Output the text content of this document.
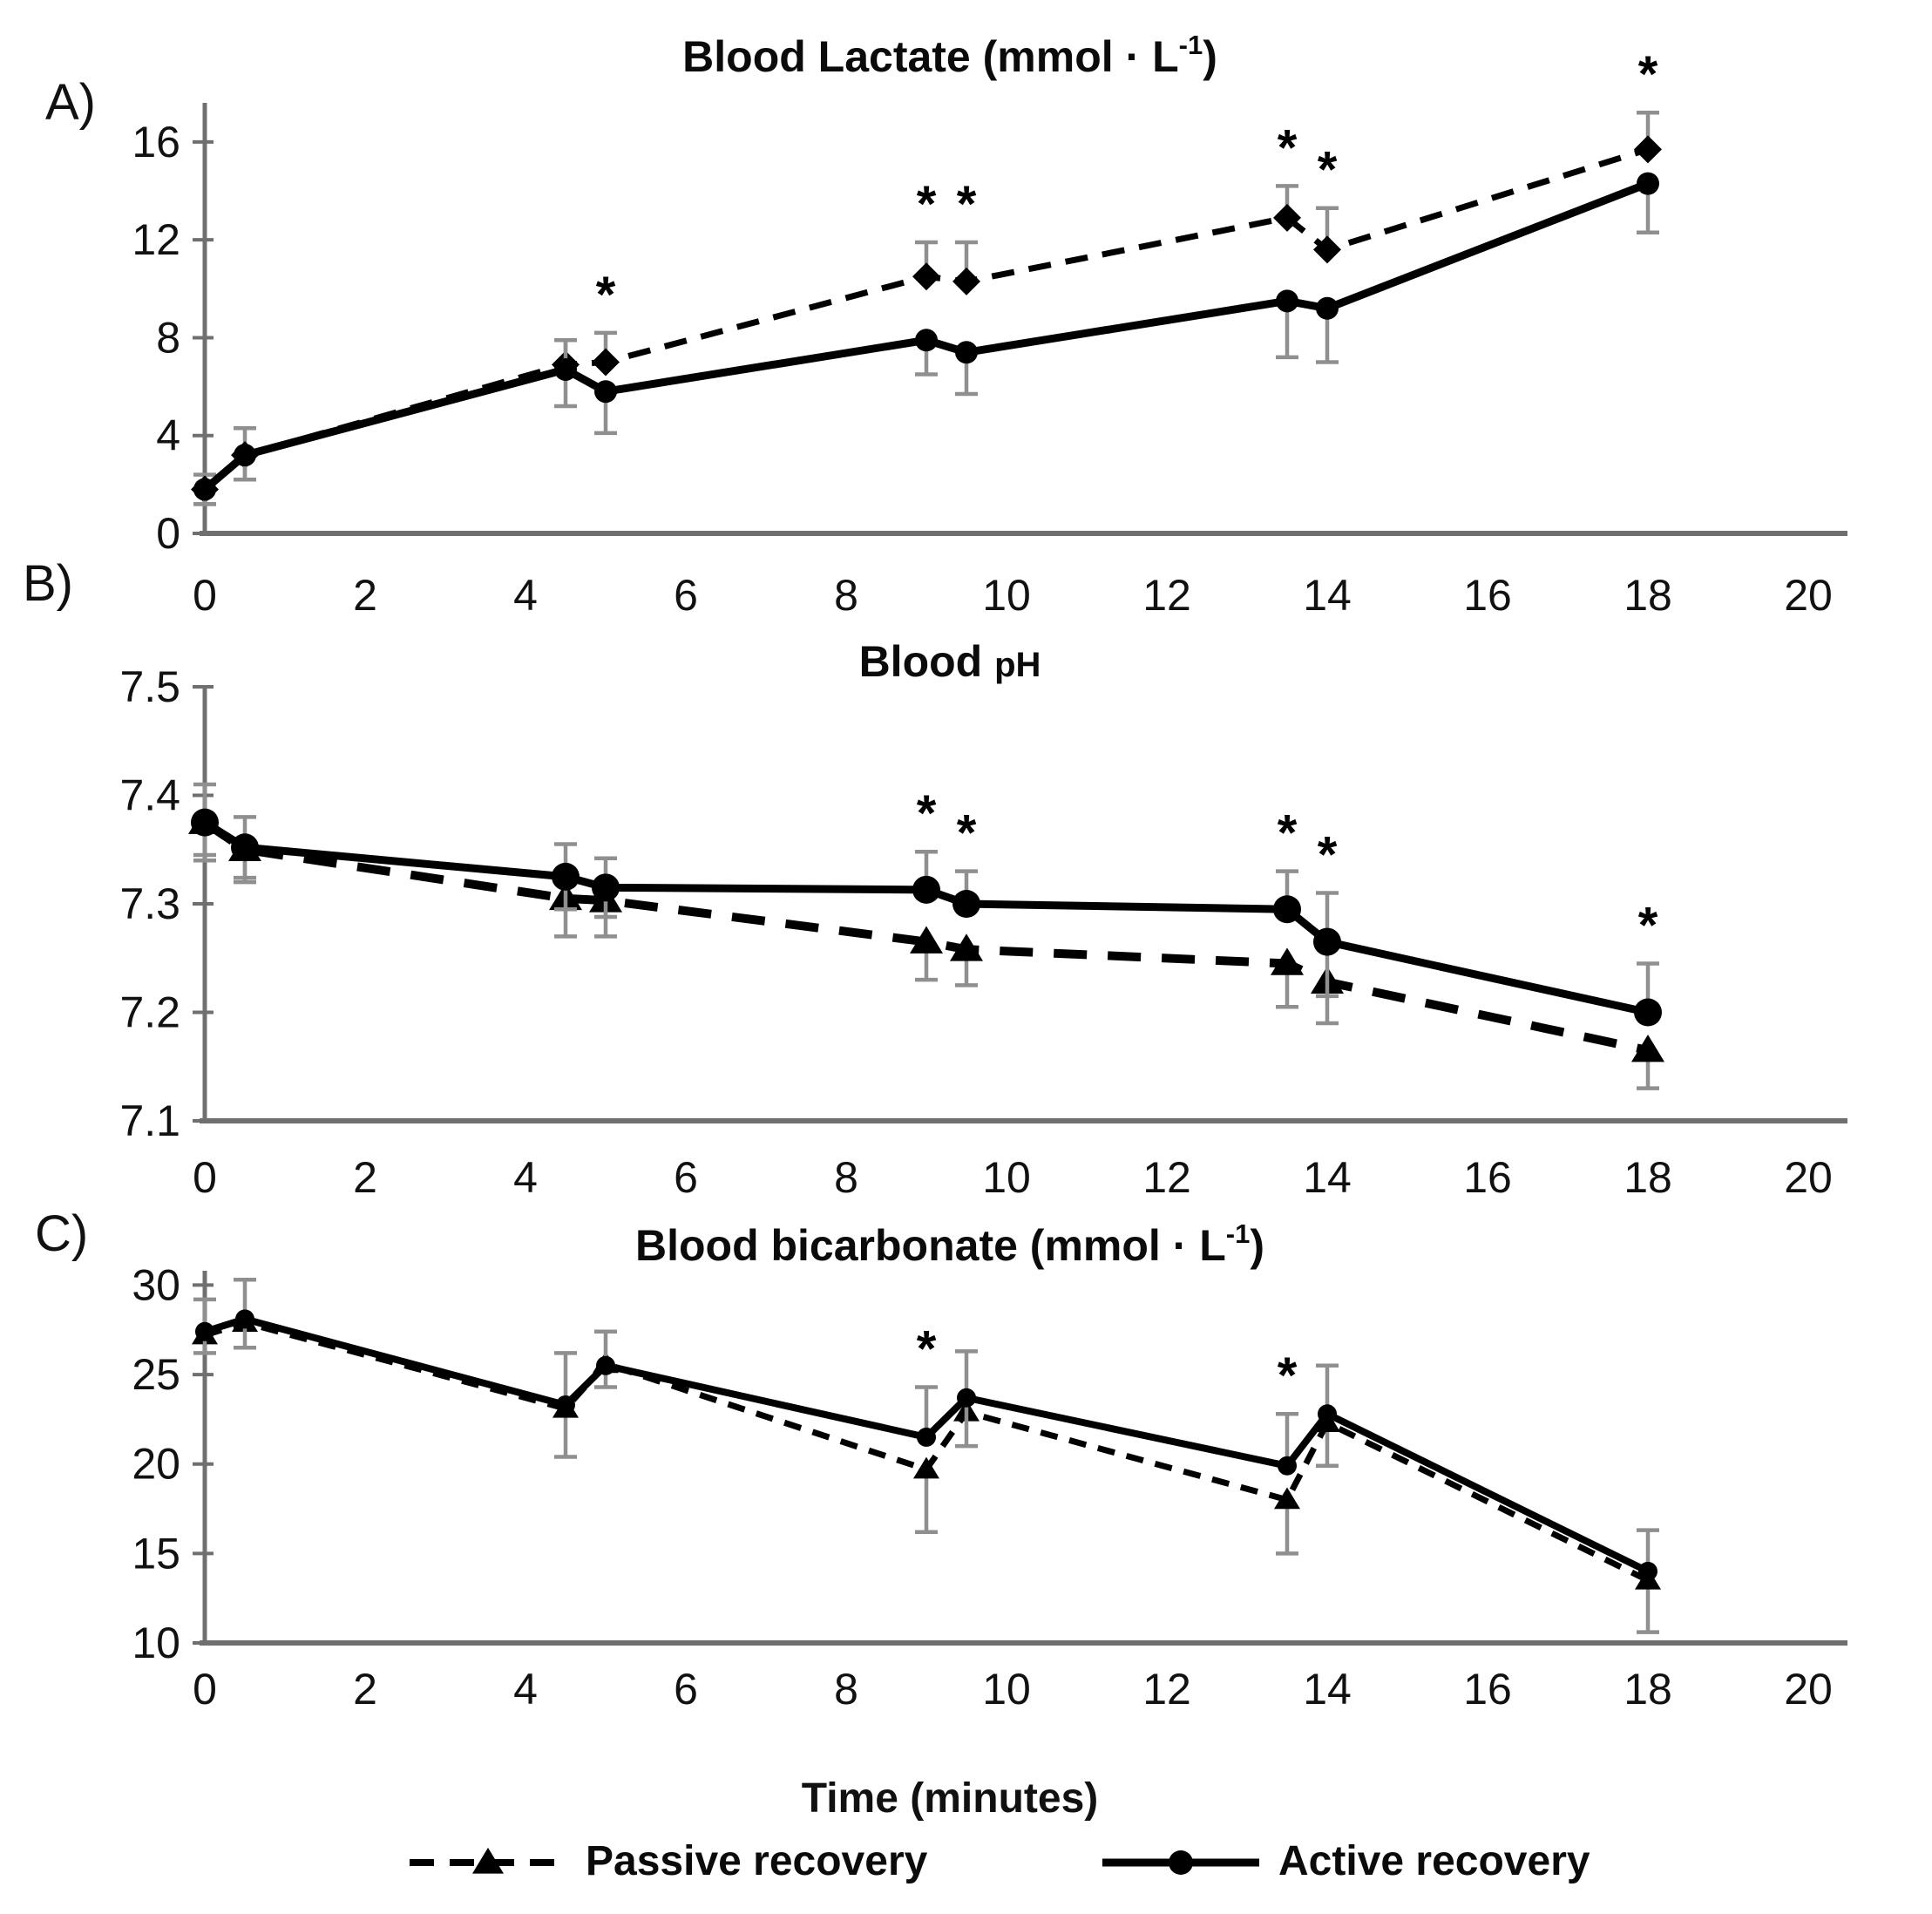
0
4
8
12
16
0	2	4	6	8	10	12	14	16	18	20
*
* *
* *
*
7.1
7.2
7.3
7.4
7.5
0	2	4	6	8	10	12	14	16	18	20
* *	* *
*
10
15
20
25
30
0	2	4	6	8	10	12	14	16	18	20
*	*
A)
B)
C)
Blood Lactate (mmol · L-1)
Blood pH
Blood bicarbonate (mmol · L-1)
Time (minutes)
Passive recovery	Active recovery
